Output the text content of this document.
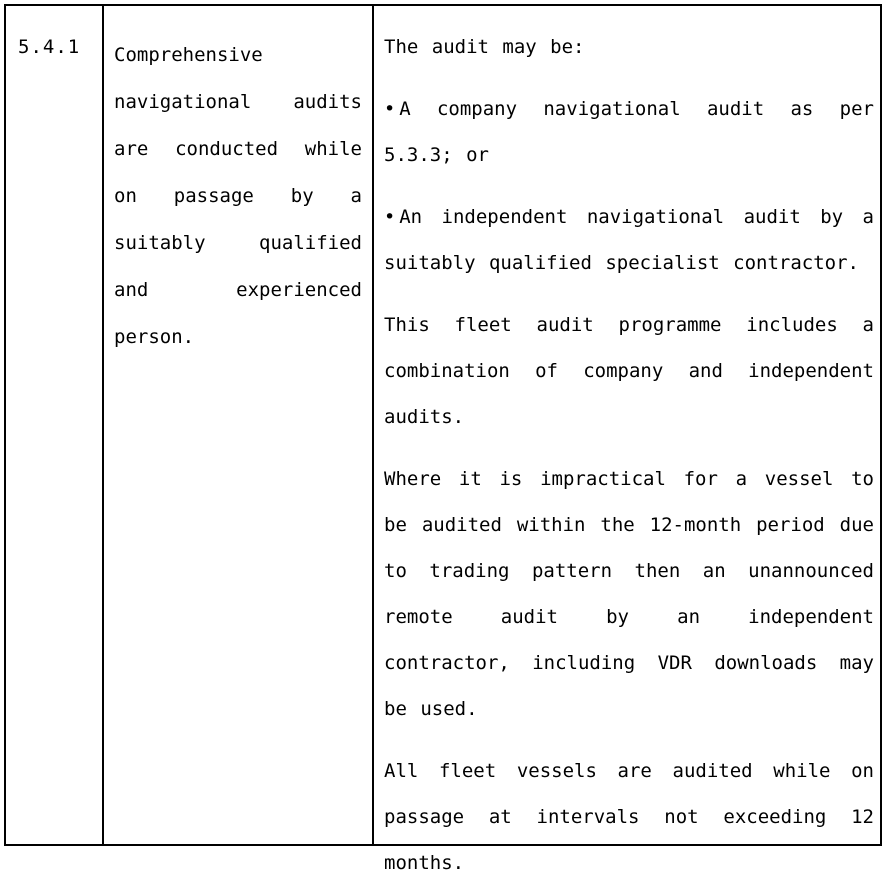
5.4.1	Comprehensive navigational audits are conducted while on passage by a suitably qualified and experienced person.

The audit may be:

• A company navigational audit as per 5.3.3; or

• An independent navigational audit by a suitably qualified specialist contractor.

This fleet audit programme includes a combination of company and independent audits.

Where it is impractical for a vessel to be audited within the 12-month period due to trading pattern then an unannounced remote audit by an independent contractor, including VDR downloads may be used.

All fleet vessels are audited while on passage at intervals not exceeding 12 months.
